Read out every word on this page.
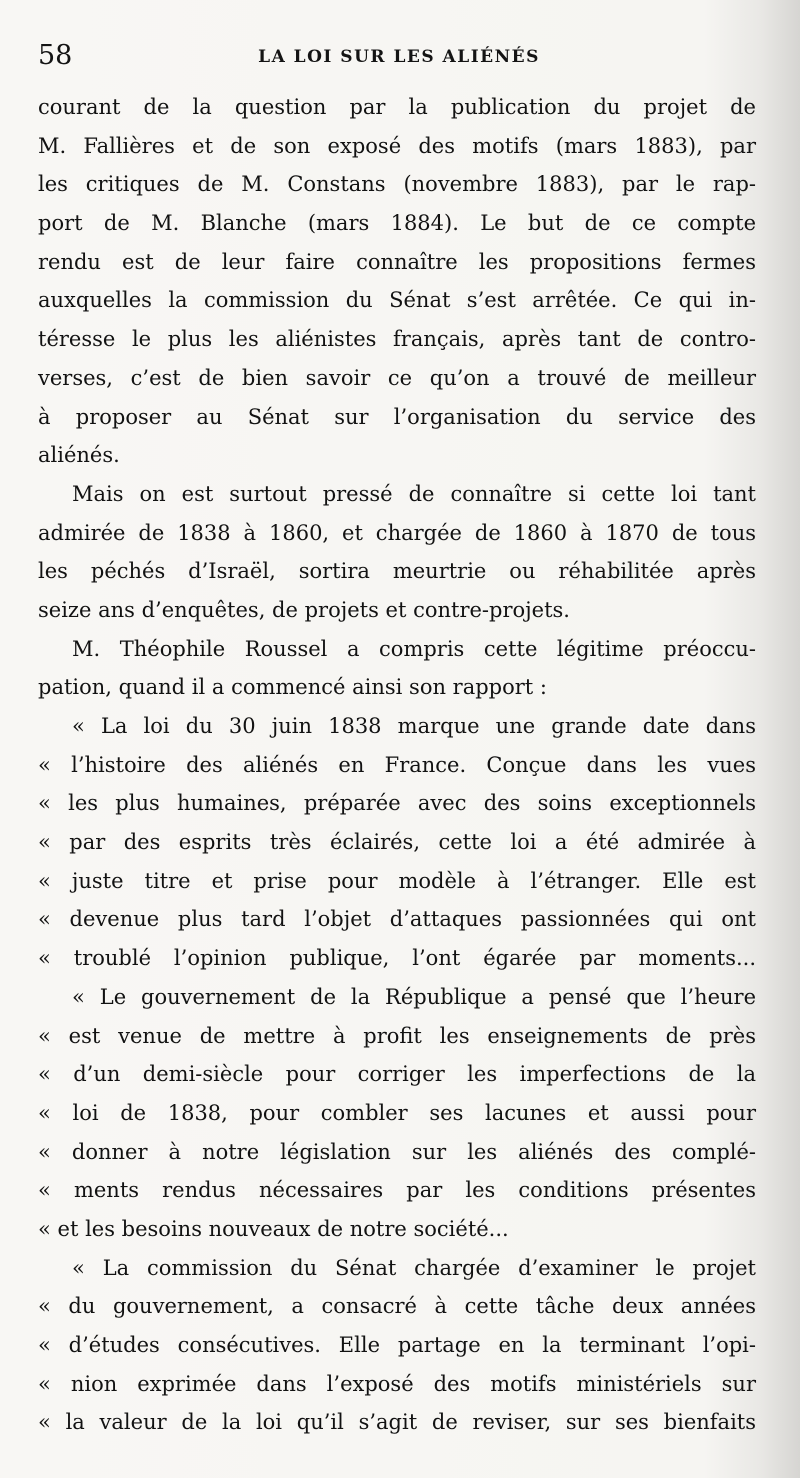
58	LA LOI SUR LES ALIÉNÉS
courant de la question par la publication du projet de
M. Fallières et de son exposé des motifs (mars 1883), par
les critiques de M. Constans (novembre 1883), par le rap-
port de M. Blanche (mars 1884). Le but de ce compte
rendu est de leur faire connaître les propositions fermes
auxquelles la commission du Sénat s’est arrêtée. Ce qui in-
téresse le plus les aliénistes français, après tant de contro-
verses, c’est de bien savoir ce qu’on a trouvé de meilleur
à proposer au Sénat sur l’organisation du service des
aliénés.
Mais on est surtout pressé de connaître si cette loi tant
admirée de 1838 à 1860, et chargée de 1860 à 1870 de tous
les péchés d’Israël, sortira meurtrie ou réhabilitée après
seize ans d’enquêtes, de projets et contre-projets.
M. Théophile Roussel a compris cette légitime préoccu-
pation, quand il a commencé ainsi son rapport :
« La loi du 30 juin 1838 marque une grande date dans
« l’histoire des aliénés en France. Conçue dans les vues
« les plus humaines, préparée avec des soins exceptionnels
« par des esprits très éclairés, cette loi a été admirée à
« juste titre et prise pour modèle à l’étranger. Elle est
« devenue plus tard l’objet d’attaques passionnées qui ont
« troublé l’opinion publique, l’ont égarée par moments...
« Le gouvernement de la République a pensé que l’heure
« est venue de mettre à profit les enseignements de près
« d’un demi-siècle pour corriger les imperfections de la
« loi de 1838, pour combler ses lacunes et aussi pour
« donner à notre législation sur les aliénés des complé-
« ments rendus nécessaires par les conditions présentes
« et les besoins nouveaux de notre société...
« La commission du Sénat chargée d’examiner le projet
« du gouvernement, a consacré à cette tâche deux années
« d’études consécutives. Elle partage en la terminant l’opi-
« nion exprimée dans l’exposé des motifs ministériels sur
« la valeur de la loi qu’il s’agit de reviser, sur ses bienfaits
